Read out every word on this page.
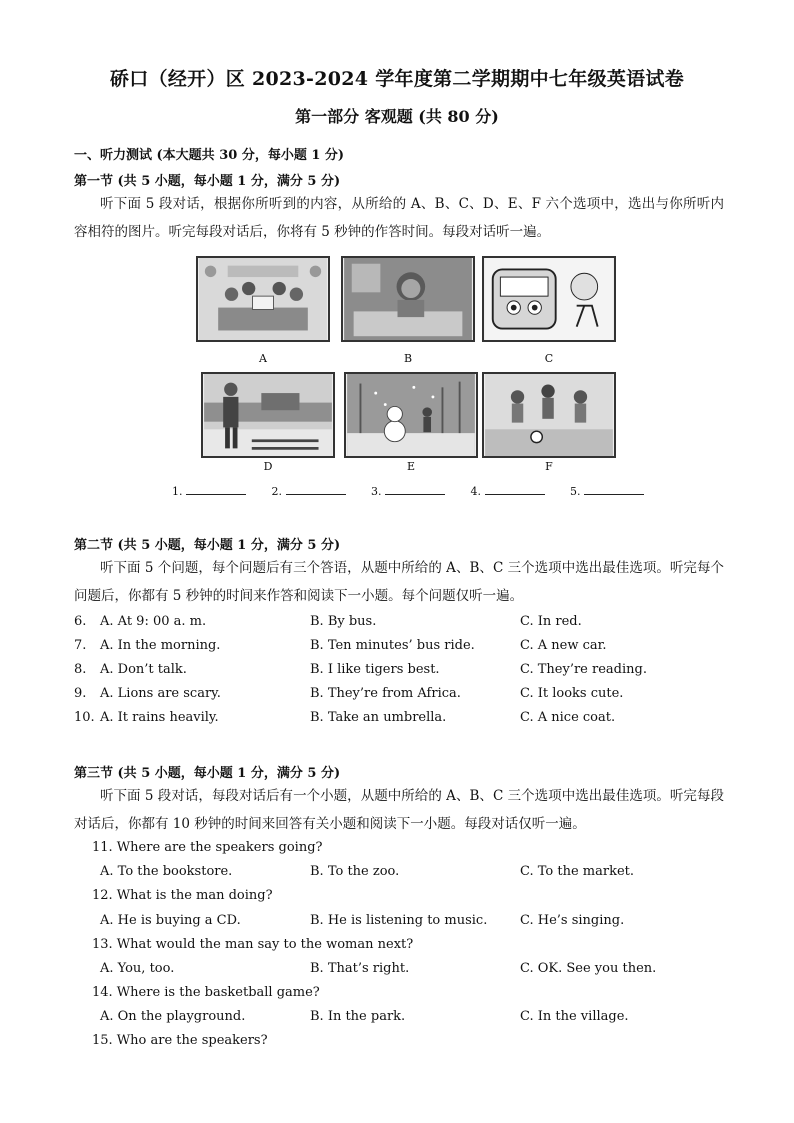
硚口（经开）区 2023-2024 学年度第二学期期中七年级英语试卷
第一部分 客观题 (共 80 分)
一、听力测试 (本大题共 30 分，每小题 1 分)
第一节 (共 5 小题，每小题 1 分，满分 5 分)
听下面 5 段对话，根据你所听到的内容，从所给的 A、B、C、D、E、F 六个选项中，选出与你所听内容相符的图片。听完每段对话后，你将有 5 秒钟的作答时间。每段对话听一遍。
A	B	C
D	E	F
1.	2.	3.	4.	5.
第二节 (共 5 小题，每小题 1 分，满分 5 分)
听下面 5 个问题，每个问题后有三个答语，从题中所给的 A、B、C 三个选项中选出最佳选项。听完每个问题后，你都有 5 秒钟的时间来作答和阅读下一小题。每个问题仅听一遍。
6.	A. At 9: 00 a. m.	B. By bus.	C. In red.
7.	A. In the morning.	B. Ten minutes’ bus ride.	C. A new car.
8.	A. Don’t talk.	B. I like tigers best.	C. They’re reading.
9.	A. Lions are scary.	B. They’re from Africa.	C. It looks cute.
10. A. It rains heavily.	B. Take an umbrella.	C. A nice coat.
第三节 (共 5 小题，每小题 1 分，满分 5 分)
听下面 5 段对话，每段对话后有一个小题，从题中所给的 A、B、C 三个选项中选出最佳选项。听完每段对话后，你都有 10 秒钟的时间来回答有关小题和阅读下一小题。每段对话仅听一遍。
11. Where are the speakers going?
A. To the bookstore.	B. To the zoo.	C. To the market.
12. What is the man doing?
A. He is buying a CD.	B. He is listening to music.	C. He’s singing.
13. What would the man say to the woman next?
A. You, too.	B. That’s right.	C. OK. See you then.
14. Where is the basketball game?
A. On the playground.	B. In the park.	C. In the village.
15. Who are the speakers?
